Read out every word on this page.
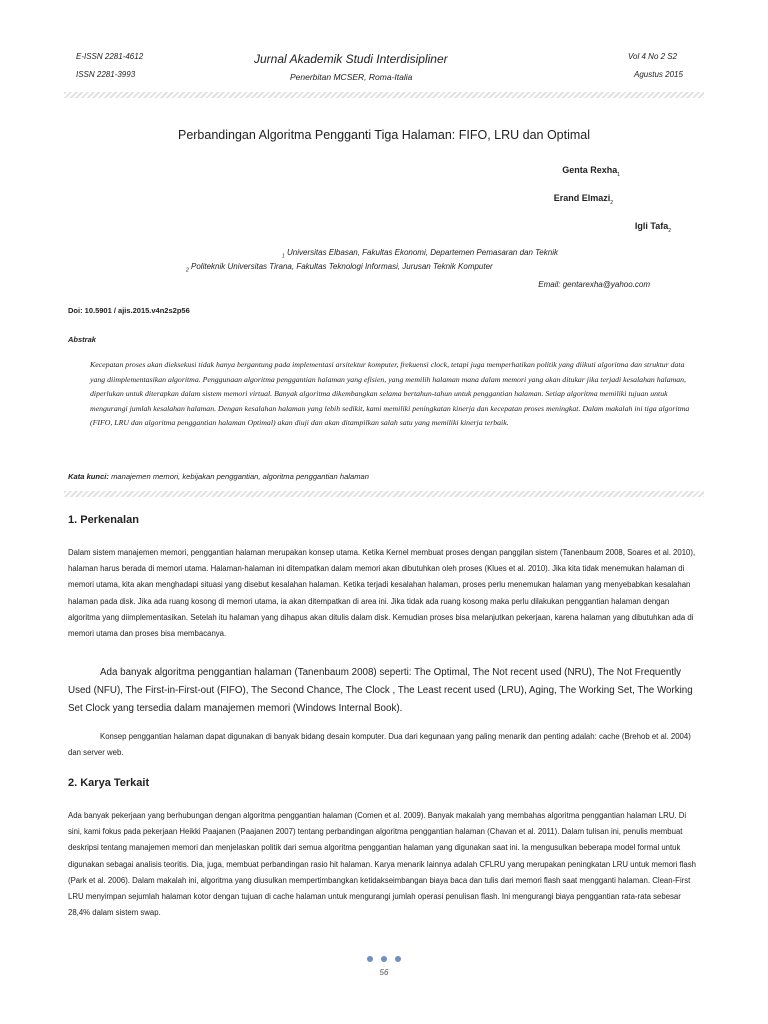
E-ISSN 2281-4612
ISSN 2281-3993
Jurnal Akademik Studi Interdisipliner
Penerbitan MCSER, Roma-Italia
Vol 4 No 2 S2
Agustus 2015
Perbandingan Algoritma Pengganti Tiga Halaman: FIFO, LRU dan Optimal
Genta Rexha$_1$
Erand Elmazi$_2$
Igli Tafa$_2$
$_1$ Universitas Elbasan, Fakultas Ekonomi, Departemen Pemasaran dan Teknik
$_2$ Politeknik Universitas Tirana, Fakultas Teknologi Informasi, Jurusan Teknik Komputer
Email: gentarexha@yahoo.com
Doi: 10.5901 / ajis.2015.v4n2s2p56
Abstrak
Kecepatan proses akan dieksekusi tidak hanya bergantung pada implementasi arsitektur komputer, frekuensi clock, tetapi juga memperhatikan politik yang diikuti algoritma dan struktur data yang diimplementasikan algoritma. Penggunaan algoritma penggantian halaman yang efisien, yang memilih halaman mana dalam memori yang akan ditukar jika terjadi kesalahan halaman, diperlukan untuk diterapkan dalam sistem memori virtual. Banyak algoritma dikembangkan selama bertahun-tahun untuk penggantian halaman. Setiap algoritma memiliki tujuan untuk mengurangi jumlah kesalahan halaman. Dengan kesalahan halaman yang lebih sedikit, kami memiliki peningkatan kinerja dan kecepatan proses meningkat. Dalam makalah ini tiga algoritma (FIFO, LRU dan algoritma penggantian halaman Optimal) akan diuji dan akan ditampilkan salah satu yang memiliki kinerja terbaik.
Kata kunci: manajemen memori, kebijakan penggantian, algoritma penggantian halaman
1. Perkenalan
Dalam sistem manajemen memori, penggantian halaman merupakan konsep utama. Ketika Kernel membuat proses dengan panggilan sistem (Tanenbaum 2008, Soares et al. 2010), halaman harus berada di memori utama. Halaman-halaman ini ditempatkan dalam memori akan dibutuhkan oleh proses (Klues et al. 2010). Jika kita tidak menemukan halaman di memori utama, kita akan menghadapi situasi yang disebut kesalahan halaman. Ketika terjadi kesalahan halaman, proses perlu menemukan halaman yang menyebabkan kesalahan halaman pada disk. Jika ada ruang kosong di memori utama, ia akan ditempatkan di area ini. Jika tidak ada ruang kosong maka perlu dilakukan penggantian halaman dengan algoritma yang diimplementasikan. Setelah itu halaman yang dihapus akan ditulis dalam disk. Kemudian proses bisa melanjutkan pekerjaan, karena halaman yang dibutuhkan ada di memori utama dan proses bisa membacanya.
Ada banyak algoritma penggantian halaman (Tanenbaum 2008) seperti: The Optimal, The Not recent used (NRU), The Not Frequently Used (NFU), The First-in-First-out (FIFO), The Second Chance, The Clock , The Least recent used (LRU), Aging, The Working Set, The Working Set Clock yang tersedia dalam manajemen memori (Windows Internal Book).
Konsep penggantian halaman dapat digunakan di banyak bidang desain komputer. Dua dari kegunaan yang paling menarik dan penting adalah: cache (Brehob et al. 2004) dan server web.
2. Karya Terkait
Ada banyak pekerjaan yang berhubungan dengan algoritma penggantian halaman (Comen et al. 2009). Banyak makalah yang membahas algoritma penggantian halaman LRU. Di sini, kami fokus pada pekerjaan Heikki Paajanen (Paajanen 2007) tentang perbandingan algoritma penggantian halaman (Chavan et al. 2011). Dalam tulisan ini, penulis membuat deskripsi tentang manajemen memori dan menjelaskan politik dari semua algoritma penggantian halaman yang digunakan saat ini. Ia mengusulkan beberapa model formal untuk digunakan sebagai analisis teoritis. Dia, juga, membuat perbandingan rasio hit halaman. Karya menarik lainnya adalah CFLRU yang merupakan peningkatan LRU untuk memori flash (Park et al. 2006). Dalam makalah ini, algoritma yang diusulkan mempertimbangkan ketidakseimbangan biaya baca dan tulis dari memori flash saat mengganti halaman. Clean-First LRU menyimpan sejumlah halaman kotor dengan tujuan di cache halaman untuk mengurangi jumlah operasi penulisan flash. Ini mengurangi biaya penggantian rata-rata sebesar 28,4% dalam sistem swap.
56
